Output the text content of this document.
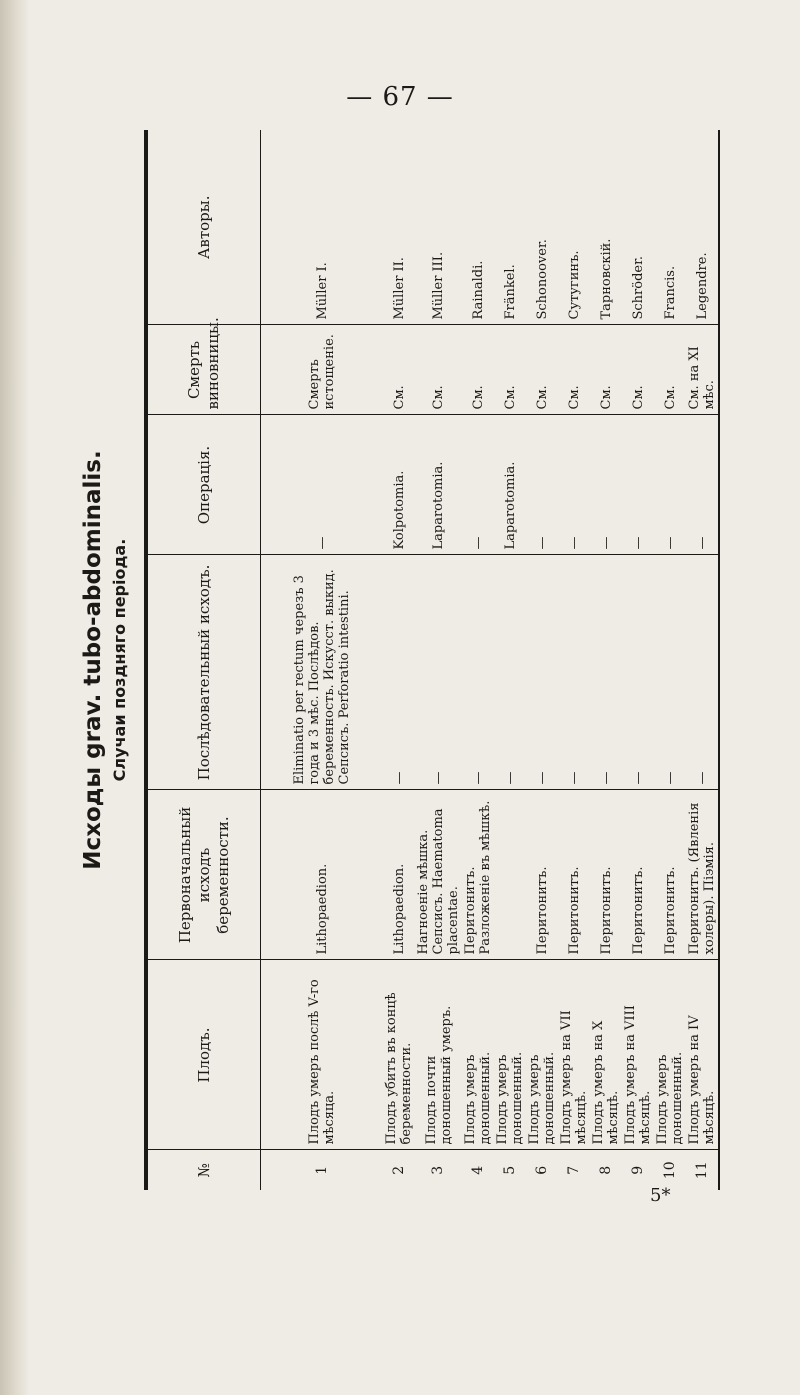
— 67 —
Исходы grav. tubo-abdominalis. Случаи поздняго періода.
№	Плодъ.	Первоначальный исходъ беременности.	Послѣдовательный исходъ.	Операція.	Смерть виновницы.	Авторы.
1	Плодъ умеръ послѣ V-го мѣсяца.	Lithopaedion.	Eliminatio per rectum черезъ 3 года и 3 мѣс. Послѣдов. беременность. Искусст. выкид. Сепсисъ. Perforatio intestini.	—	Смерть истощеніе.	Müller I.
2	Плодъ убитъ въ концѣ беременности.	Lithopaedion.	—	Kolpotomia.	См.	Müller II.
3	Плодъ почти доношенный умеръ.	Нагноеніе мѣшка. Сепсисъ. Haematoma placentae.	—	Laparotomia.	См.	Müller III.
4	Плодъ умеръ доношенный.	Перитонитъ. Разложеніе въ мѣшкѣ.	—	—	См.	Rainaldi.
5	Плодъ умеръ доношенный.		—	Laparotomia.	См.	Fränkel.
6	Плодъ умеръ доношенный.	Перитонитъ.	—	—	См.	Schonoover.
7	Плодъ умеръ на VII мѣсяцѣ.	Перитонитъ.	—	—	См.	Сутугинъ.
8	Плодъ умеръ на X мѣсяцѣ.	Перитонитъ.	—	—	См.	Тарновскій.
9	Плодъ умеръ на VIII мѣсяцѣ.	Перитонитъ.	—	—	См.	Schröder.
10	Плодъ умеръ доношенный.	Перитонитъ.	—	—	См.	Francis.
11	Плодъ умеръ на IV мѣсяцѣ.	Перитонитъ. (Явленія холеры). Піэмія.	—	—	См. на XI мѣс.	Legendre.
5*
